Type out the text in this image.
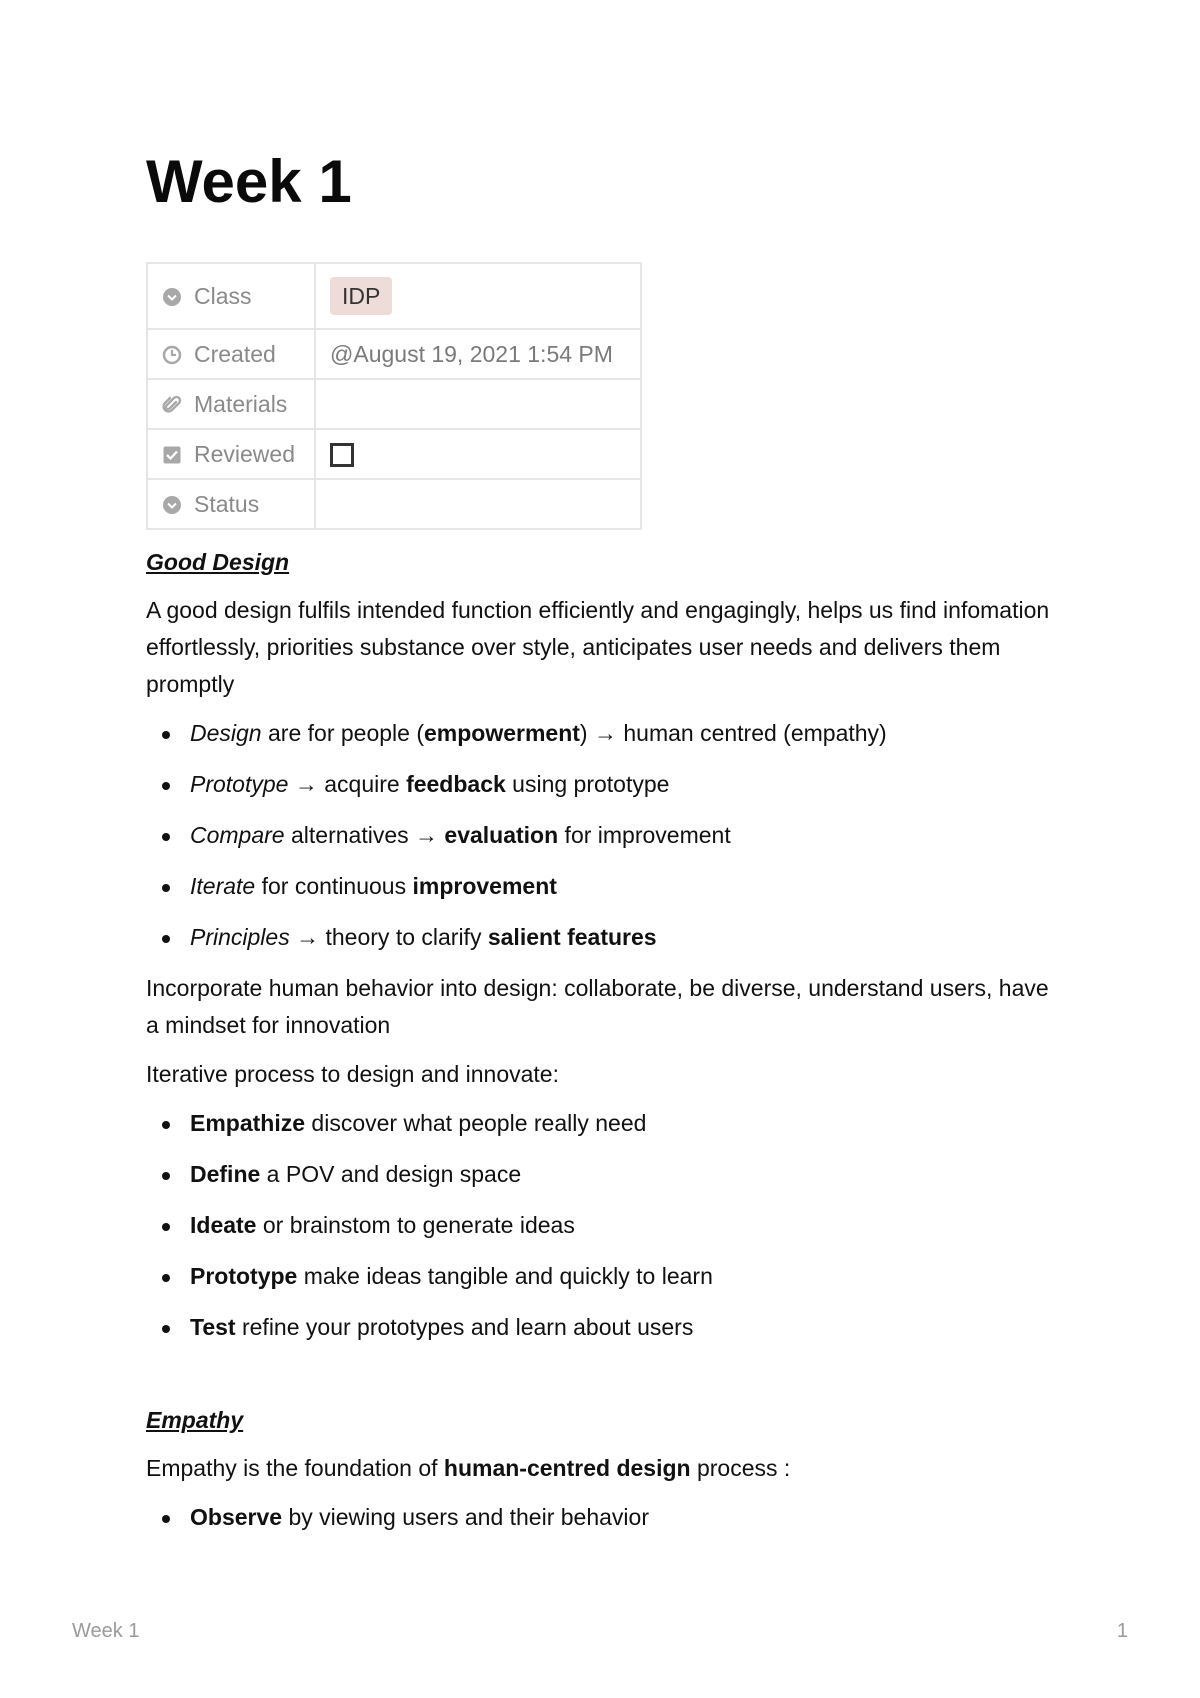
Week 1
Class	IDP
Created	@August 19, 2021 1:54 PM
Materials	
Reviewed	
Status	
Good Design
A good design fulfils intended function efficiently and engagingly, helps us find infomation effortlessly, priorities substance over style, anticipates user needs and delivers them promptly
Design are for people (empowerment) → human centred (empathy)
Prototype → acquire feedback using prototype
Compare alternatives → evaluation for improvement
Iterate for continuous improvement
Principles → theory to clarify salient features
Incorporate human behavior into design: collaborate, be diverse, understand users, have a mindset for innovation
Iterative process to design and innovate:
Empathize discover what people really need
Define a POV and design space
Ideate or brainstom to generate ideas
Prototype make ideas tangible and quickly to learn
Test refine your prototypes and learn about users
Empathy
Empathy is the foundation of human-centred design process :
Observe by viewing users and their behavior
Week 1	1
